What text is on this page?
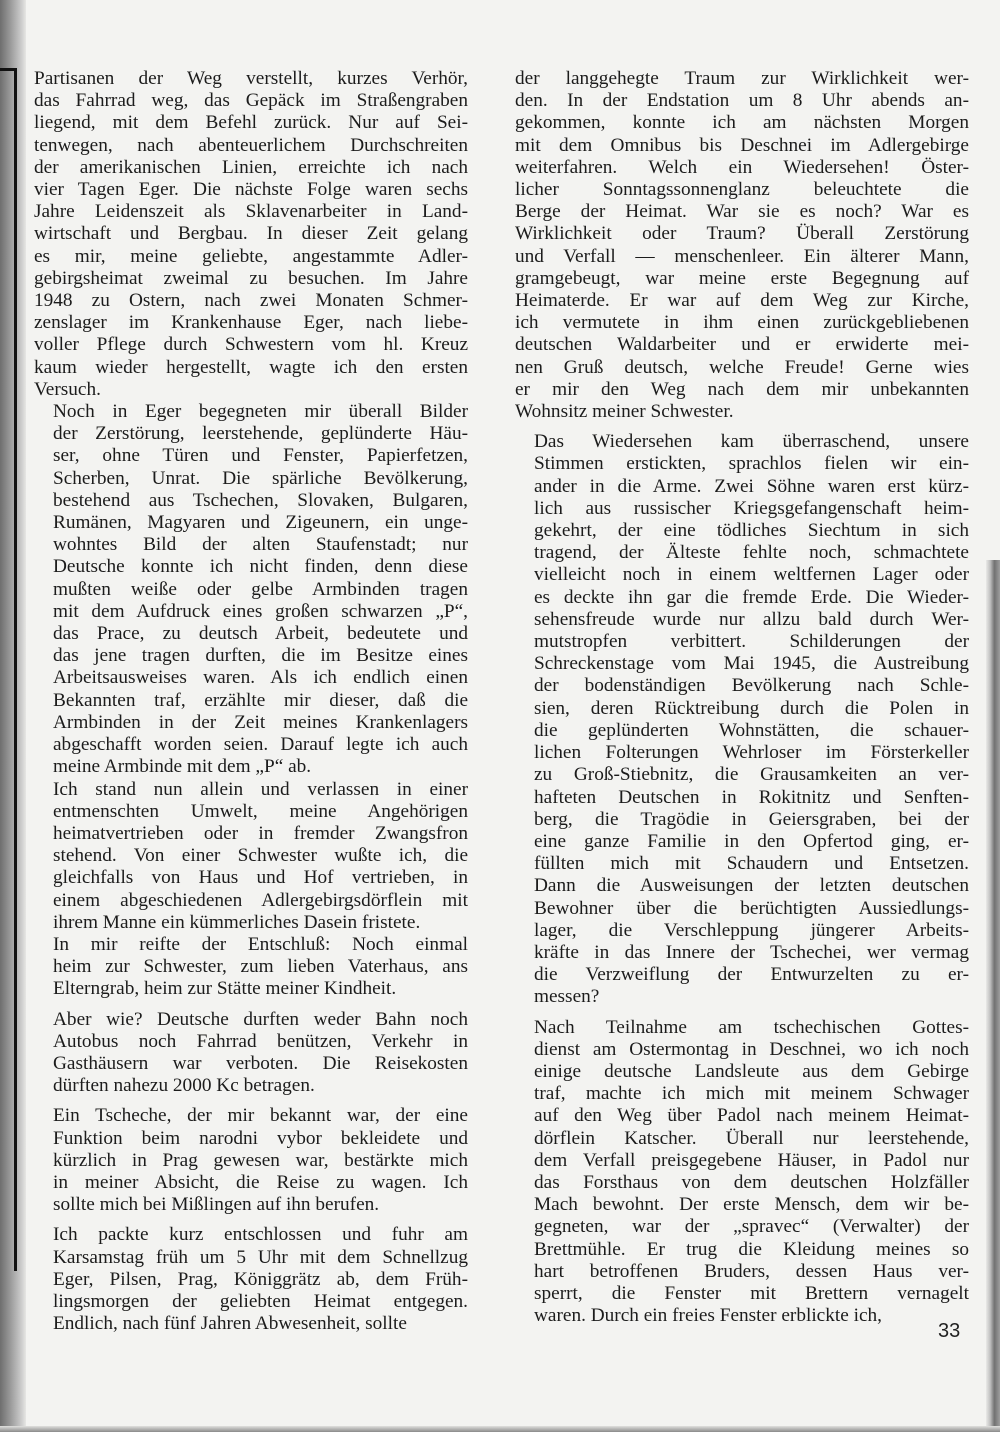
Partisanen der Weg verstellt, kurzes Verhör,
das Fahrrad weg, das Gepäck im Straßengraben
liegend, mit dem Befehl zurück. Nur auf Sei-
tenwegen, nach abenteuerlichem Durchschreiten
der amerikanischen Linien, erreichte ich nach
vier Tagen Eger. Die nächste Folge waren sechs
Jahre Leidenszeit als Sklavenarbeiter in Land-
wirtschaft und Bergbau. In dieser Zeit gelang
es mir, meine geliebte, angestammte Adler-
gebirgsheimat zweimal zu besuchen. Im Jahre
1948 zu Ostern, nach zwei Monaten Schmer-
zenslager im Krankenhause Eger, nach liebe-
voller Pflege durch Schwestern vom hl. Kreuz
kaum wieder hergestellt, wagte ich den ersten
Versuch.
Noch in Eger begegneten mir überall Bilder
der Zerstörung, leerstehende, geplünderte Häu-
ser, ohne Türen und Fenster, Papierfetzen,
Scherben, Unrat. Die spärliche Bevölkerung,
bestehend aus Tschechen, Slovaken, Bulgaren,
Rumänen, Magyaren und Zigeunern, ein unge-
wohntes Bild der alten Staufenstadt; nur
Deutsche konnte ich nicht finden, denn diese
mußten weiße oder gelbe Armbinden tragen
mit dem Aufdruck eines großen schwarzen „P“,
das Prace, zu deutsch Arbeit, bedeutete und
das jene tragen durften, die im Besitze eines
Arbeitsausweises waren. Als ich endlich einen
Bekannten traf, erzählte mir dieser, daß die
Armbinden in der Zeit meines Krankenlagers
abgeschafft worden seien. Darauf legte ich auch
meine Armbinde mit dem „P“ ab.
Ich stand nun allein und verlassen in einer
entmenschten Umwelt, meine Angehörigen
heimatvertrieben oder in fremder Zwangsfron
stehend. Von einer Schwester wußte ich, die
gleichfalls von Haus und Hof vertrieben, in
einem abgeschiedenen Adlergebirgsdörflein mit
ihrem Manne ein kümmerliches Dasein fristete.
In mir reifte der Entschluß: Noch einmal
heim zur Schwester, zum lieben Vaterhaus, ans
Elterngrab, heim zur Stätte meiner Kindheit.
Aber wie? Deutsche durften weder Bahn noch
Autobus noch Fahrrad benützen, Verkehr in
Gasthäusern war verboten. Die Reisekosten
dürften nahezu 2000 Kc betragen.
Ein Tscheche, der mir bekannt war, der eine
Funktion beim narodni vybor bekleidete und
kürzlich in Prag gewesen war, bestärkte mich
in meiner Absicht, die Reise zu wagen. Ich
sollte mich bei Mißlingen auf ihn berufen.
Ich packte kurz entschlossen und fuhr am
Karsamstag früh um 5 Uhr mit dem Schnellzug
Eger, Pilsen, Prag, Königgrätz ab, dem Früh-
lingsmorgen der geliebten Heimat entgegen.
Endlich, nach fünf Jahren Abwesenheit, sollte
der langgehegte Traum zur Wirklichkeit wer-
den. In der Endstation um 8 Uhr abends an-
gekommen, konnte ich am nächsten Morgen
mit dem Omnibus bis Deschnei im Adlergebirge
weiterfahren. Welch ein Wiedersehen! Öster-
licher Sonntagssonnenglanz beleuchtete die
Berge der Heimat. War sie es noch? War es
Wirklichkeit oder Traum? Überall Zerstörung
und Verfall — menschenleer. Ein älterer Mann,
gramgebeugt, war meine erste Begegnung auf
Heimaterde. Er war auf dem Weg zur Kirche,
ich vermutete in ihm einen zurückgebliebenen
deutschen Waldarbeiter und er erwiderte mei-
nen Gruß deutsch, welche Freude! Gerne wies
er mir den Weg nach dem mir unbekannten
Wohnsitz meiner Schwester.
Das Wiedersehen kam überraschend, unsere
Stimmen erstickten, sprachlos fielen wir ein-
ander in die Arme. Zwei Söhne waren erst kürz-
lich aus russischer Kriegsgefangenschaft heim-
gekehrt, der eine tödliches Siechtum in sich
tragend, der Älteste fehlte noch, schmachtete
vielleicht noch in einem weltfernen Lager oder
es deckte ihn gar die fremde Erde. Die Wieder-
sehensfreude wurde nur allzu bald durch Wer-
mutstropfen verbittert. Schilderungen der
Schreckenstage vom Mai 1945, die Austreibung
der bodenständigen Bevölkerung nach Schle-
sien, deren Rücktreibung durch die Polen in
die geplünderten Wohnstätten, die schauer-
lichen Folterungen Wehrloser im Försterkeller
zu Groß-Stiebnitz, die Grausamkeiten an ver-
hafteten Deutschen in Rokitnitz und Senften-
berg, die Tragödie in Geiersgraben, bei der
eine ganze Familie in den Opfertod ging, er-
füllten mich mit Schaudern und Entsetzen.
Dann die Ausweisungen der letzten deutschen
Bewohner über die berüchtigten Aussiedlungs-
lager, die Verschleppung jüngerer Arbeits-
kräfte in das Innere der Tschechei, wer vermag
die Verzweiflung der Entwurzelten zu er-
messen?
Nach Teilnahme am tschechischen Gottes-
dienst am Ostermontag in Deschnei, wo ich noch
einige deutsche Landsleute aus dem Gebirge
traf, machte ich mich mit meinem Schwager
auf den Weg über Padol nach meinem Heimat-
dörflein Katscher. Überall nur leerstehende,
dem Verfall preisgegebene Häuser, in Padol nur
das Forsthaus von dem deutschen Holzfäller
Mach bewohnt. Der erste Mensch, dem wir be-
gegneten, war der „spravec“ (Verwalter) der
Brettmühle. Er trug die Kleidung meines so
hart betroffenen Bruders, dessen Haus ver-
sperrt, die Fenster mit Brettern vernagelt
waren. Durch ein freies Fenster erblickte ich,
33
